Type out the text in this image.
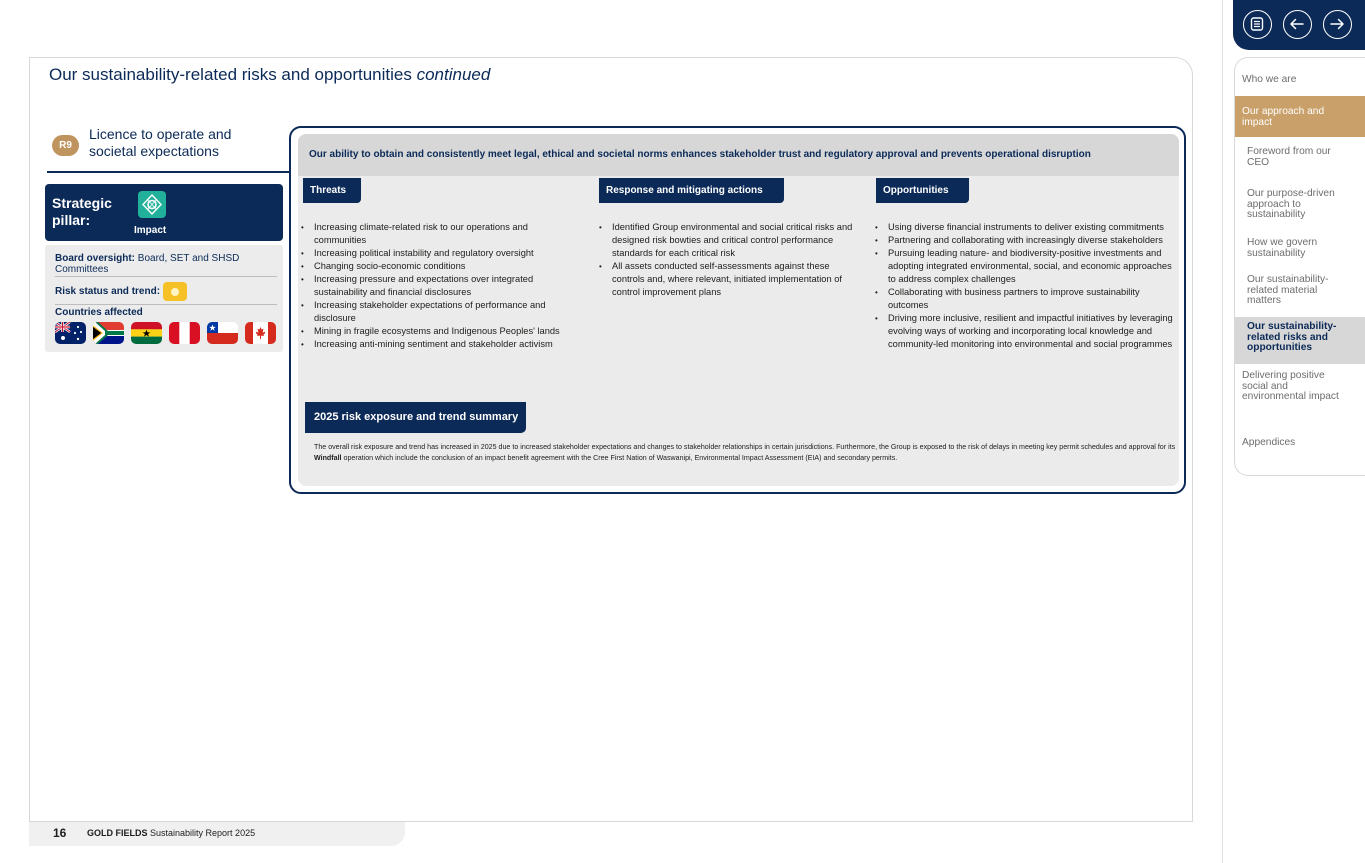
Our sustainability-related risks and opportunities continued
R9
Licence to operate and
societal expectations
Strategic
pillar:
Impact
Board oversight: Board, SET and SHSD
Committees
Risk status and trend:
Countries affected
Our ability to obtain and consistently meet legal, ethical and societal norms enhances stakeholder trust and regulatory approval and prevents operational disruption
Threats
• Increasing climate-related risk to our operations and communities
• Increasing political instability and regulatory oversight
• Changing socio-economic conditions
• Increasing pressure and expectations over integrated sustainability and financial disclosures
• Increasing stakeholder expectations of performance and disclosure
• Mining in fragile ecosystems and Indigenous Peoples' lands
• Increasing anti-mining sentiment and stakeholder activism
Response and mitigating actions
• Identified Group environmental and social critical risks and designed risk bowties and critical control performance standards for each critical risk
• All assets conducted self-assessments against these controls and, where relevant, initiated implementation of control improvement plans
Opportunities
• Using diverse financial instruments to deliver existing commitments
• Partnering and collaborating with increasingly diverse stakeholders
• Pursuing leading nature- and biodiversity-positive investments and adopting integrated environmental, social, and economic approaches to address complex challenges
• Collaborating with business partners to improve sustainability outcomes
• Driving more inclusive, resilient and impactful initiatives by leveraging evolving ways of working and incorporating local knowledge and community-led monitoring into environmental and social programmes
2025 risk exposure and trend summary
The overall risk exposure and trend has increased in 2025 due to increased stakeholder expectations and changes to stakeholder relationships in certain jurisdictions. Furthermore, the Group is exposed to the risk of delays in meeting key permit schedules and approval for its Windfall operation which include the conclusion of an impact benefit agreement with the Cree First Nation of Waswanipi, Environmental Impact Assessment (EIA) and secondary permits.
16 GOLD FIELDS Sustainability Report 2025
Who we are
Our approach and impact
Foreword from our CEO
Our purpose-driven approach to sustainability
How we govern sustainability
Our sustainability-related material matters
Our sustainability-related risks and opportunities
Delivering positive social and environmental impact
Appendices
